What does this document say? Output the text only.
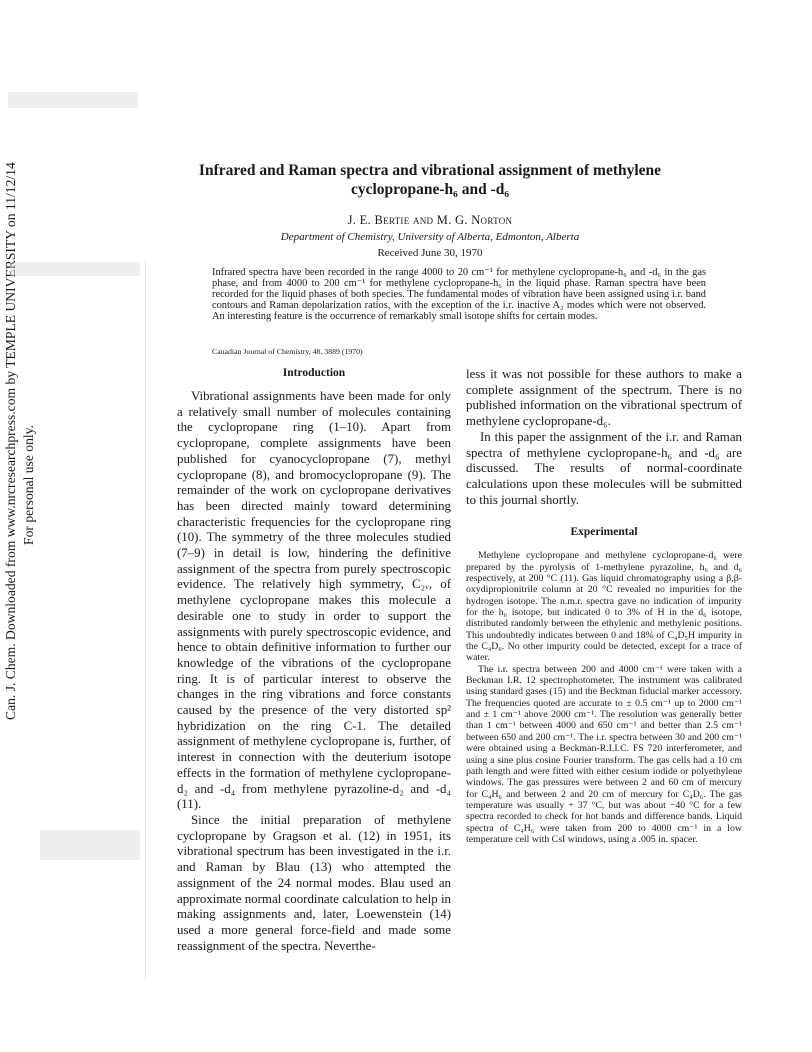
Can. J. Chem. Downloaded from www.nrcresearchpress.com by TEMPLE UNIVERSITY on 11/12/14 For personal use only.
Infrared and Raman spectra and vibrational assignment of methylene
cyclopropane-h₆ and -d₆
J. E. Bertie and M. G. Norton
Department of Chemistry, University of Alberta, Edmonton, Alberta
Received June 30, 1970
Infrared spectra have been recorded in the range 4000 to 20 cm⁻¹ for methylene cyclopropane-h₆ and -d₆ in the gas phase, and from 4000 to 200 cm⁻¹ for methylene cyclopropane-h₆ in the liquid phase. Raman spectra have been recorded for the liquid phases of both species. The fundamental modes of vibration have been assigned using i.r. band contours and Raman depolarization ratios, with the exception of the i.r. inactive A₂ modes which were not observed. An interesting feature is the occurrence of remarkably small isotope shifts for certain modes.
Canadian Journal of Chemistry, 48, 3889 (1970)
Introduction

Vibrational assignments have been made for only a relatively small number of molecules containing the cyclopropane ring (1–10). Apart from cyclopropane, complete assignments have been published for cyanocyclopropane (7), methyl cyclopropane (8), and bromocyclopropane (9). The remainder of the work on cyclopropane derivatives has been directed mainly toward determining characteristic frequencies for the cyclopropane ring (10). The symmetry of the three molecules studied (7–9) in detail is low, hindering the definitive assignment of the spectra from purely spectroscopic evidence. The relatively high symmetry, C₂ᵥ, of methylene cyclopropane makes this molecule a desirable one to study in order to support the assignments with purely spectroscopic evidence, and hence to obtain definitive information to further our knowledge of the vibrations of the cyclopropane ring. It is of particular interest to observe the changes in the ring vibrations and force constants caused by the presence of the very distorted sp² hybridization on the ring C-1. The detailed assignment of methylene cyclopropane is, further, of interest in connection with the deuterium isotope effects in the formation of methylene cyclopropane-d₂ and -d₄ from methylene pyrazoline-d₂ and -d₄ (11).

Since the initial preparation of methylene cyclopropane by Gragson et al. (12) in 1951, its vibrational spectrum has been investigated in the i.r. and Raman by Blau (13) who attempted the assignment of the 24 normal modes. Blau used an approximate normal coordinate calculation to help in making assignments and, later, Loewenstein (14) used a more general force-field and made some reassignment of the spectra. Neverthe-

less it was not possible for these authors to make a complete assignment of the spectrum. There is no published information on the vibrational spectrum of methylene cyclopropane-d₆.

In this paper the assignment of the i.r. and Raman spectra of methylene cyclopropane-h₆ and -d₆ are discussed. The results of normal-coordinate calculations upon these molecules will be submitted to this journal shortly.

Experimental

Methylene cyclopropane and methylene cyclopropane-d₆ were prepared by the pyrolysis of 1-methylene pyrazoline, h₆ and d₆ respectively, at 200 °C (11). Gas liquid chromatography using a β,β-oxydipropionitrile column at 20 °C revealed no impurities for the hydrogen isotope. The n.m.r. spectra gave no indication of impurity for the h₆ isotope, but indicated 0 to 3% of H in the d₆ isotope, distributed randomly between the ethylenic and methylenic positions. This undoubtedly indicates between 0 and 18% of C₄D₅H impurity in the C₄D₆. No other impurity could be detected, except for a trace of water.

The i.r. spectra between 200 and 4000 cm⁻¹ were taken with a Beckman I.R. 12 spectrophotometer. The instrument was calibrated using standard gases (15) and the Beckman fiducial marker accessory. The frequencies quoted are accurate to ± 0.5 cm⁻¹ up to 2000 cm⁻¹ and ± 1 cm⁻¹ above 2000 cm⁻¹. The resolution was generally better than 1 cm⁻¹ between 4000 and 650 cm⁻¹ and better than 2.5 cm⁻¹ between 650 and 200 cm⁻¹. The i.r. spectra between 30 and 200 cm⁻¹ were obtained using a Beckman-R.I.I.C. FS 720 interferometer, and using a sine plus cosine Fourier transform. The gas cells had a 10 cm path length and were fitted with either cesium iodide or polyethylene windows. The gas pressures were between 2 and 60 cm of mercury for C₄H₆ and between 2 and 20 cm of mercury for C₄D₆. The gas temperature was usually + 37 °C, but was about −40 °C for a few spectra recorded to check for hot bands and difference bands. Liquid spectra of C₄H₆ were taken from 200 to 4000 cm⁻¹ in a low temperature cell with CsI windows, using a .005 in. spacer.
